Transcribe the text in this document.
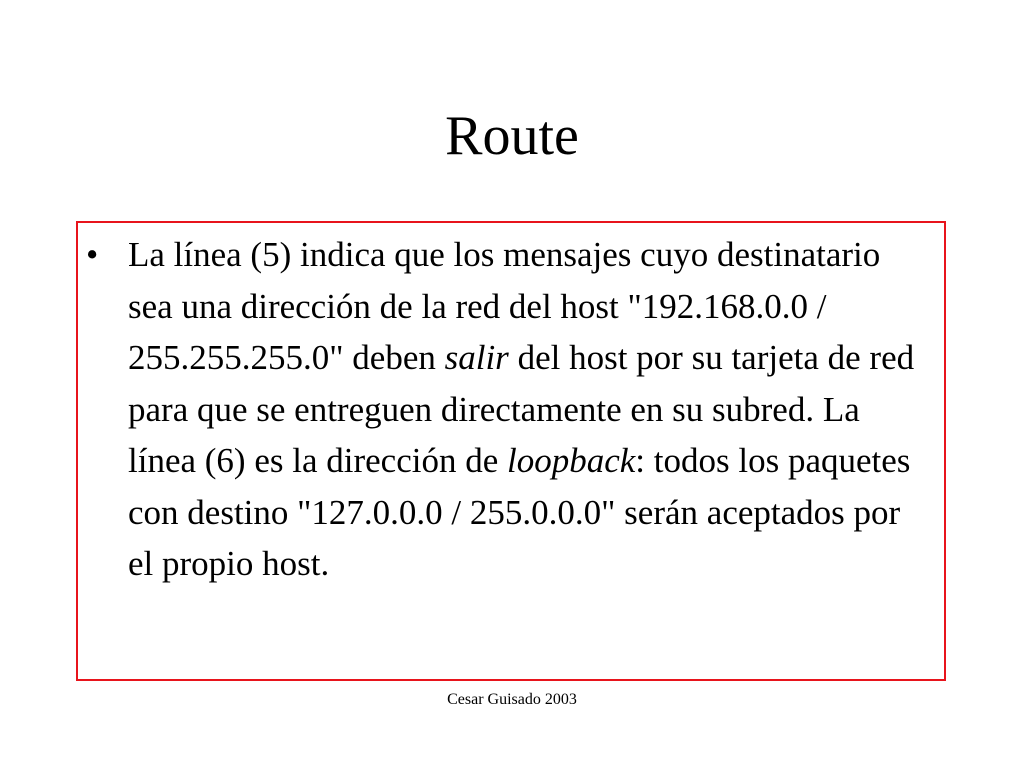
Route
• La línea (5) indica que los mensajes cuyo destinatario sea una dirección de la red del host "192.168.0.0 / 255.255.255.0" deben salir del host por su tarjeta de red para que se entreguen directamente en su subred. La línea (6) es la dirección de loopback: todos los paquetes con destino "127.0.0.0 / 255.0.0.0" serán aceptados por el propio host.
Cesar Guisado 2003
